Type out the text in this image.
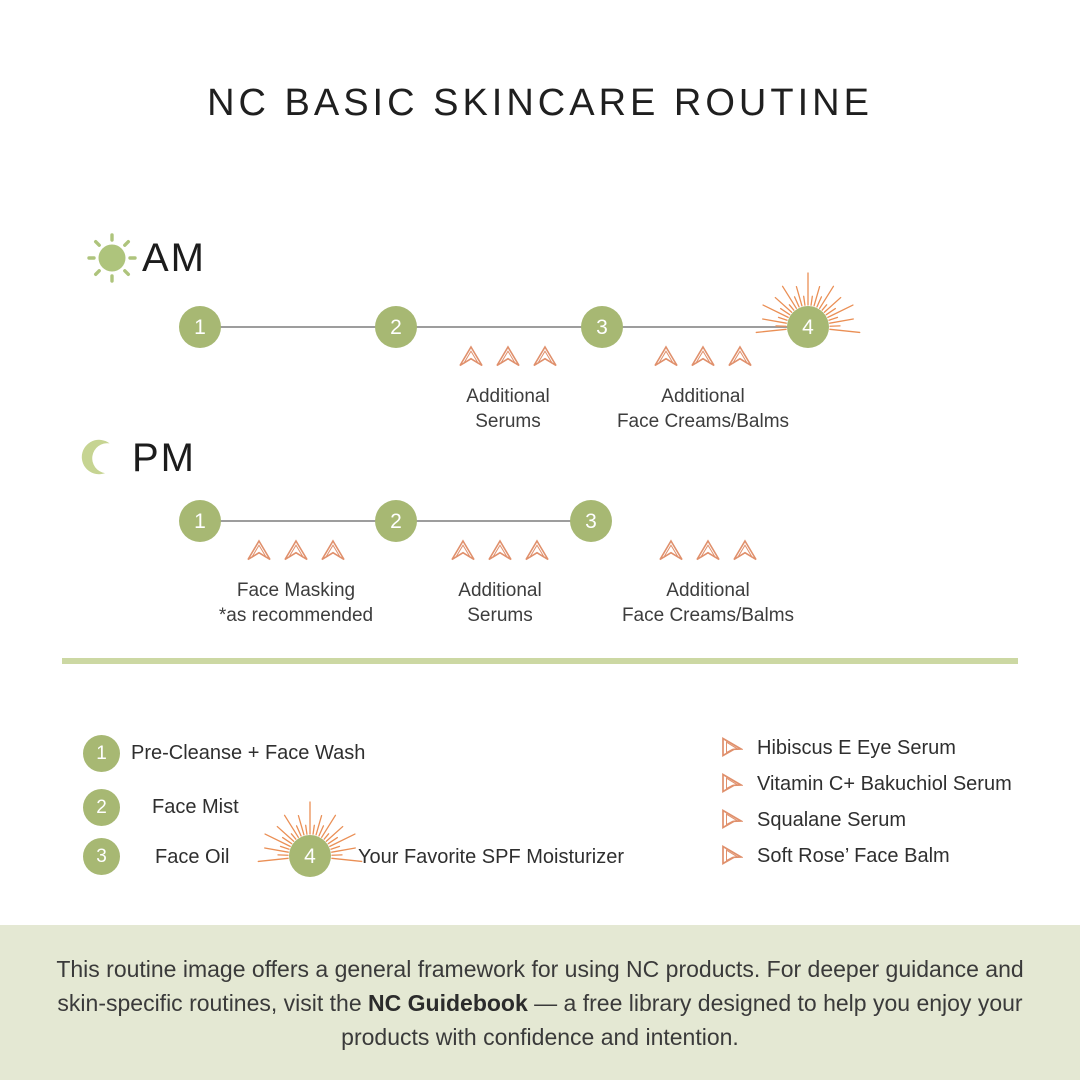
NC BASIC SKINCARE ROUTINE
AM
1	2	3	4
Additional
Serums
Additional
Face Creams/Balms
PM
1	2	3
Face Masking
*as recommended
Additional
Serums
Additional
Face Creams/Balms
1 Pre-Cleanse + Face Wash
2 Face Mist
3 Face Oil	4 Your Favorite SPF Moisturizer
Hibiscus E Eye Serum
Vitamin C+ Bakuchiol Serum
Squalane Serum
Soft Rose’ Face Balm

This routine image offers a general framework for using NC products. For deeper guidance and skin-specific routines, visit the NC Guidebook — a free library designed to help you enjoy your products with confidence and intention.
